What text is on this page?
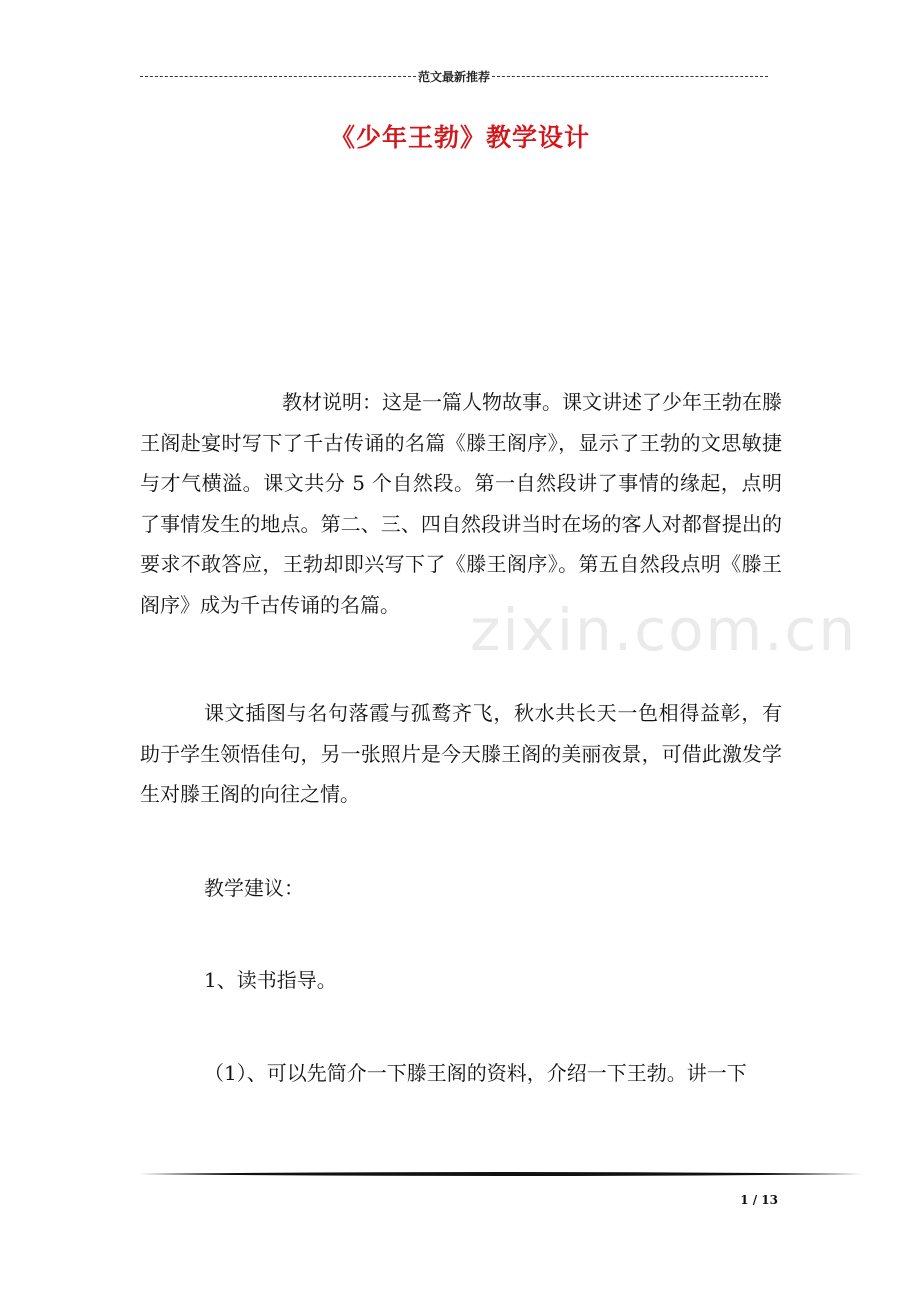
范文最新推荐
《少年王勃》教学设计
zixin.com.cn

教材说明：这是一篇人物故事。课文讲述了少年王勃在滕王阁赴宴时写下了千古传诵的名篇《滕王阁序》，显示了王勃的文思敏捷与才气横溢。课文共分 5 个自然段。第一自然段讲了事情的缘起，点明了事情发生的地点。第二、三、四自然段讲当时在场的客人对都督提出的要求不敢答应，王勃却即兴写下了《滕王阁序》。第五自然段点明《滕王阁序》成为千古传诵的名篇。

课文插图与名句落霞与孤鹜齐飞，秋水共长天一色相得益彰，有助于学生领悟佳句，另一张照片是今天滕王阁的美丽夜景，可借此激发学生对滕王阁的向往之情。

教学建议：

1、读书指导。

（1）、可以先简介一下滕王阁的资料，介绍一下王勃。讲一下

1 / 13
